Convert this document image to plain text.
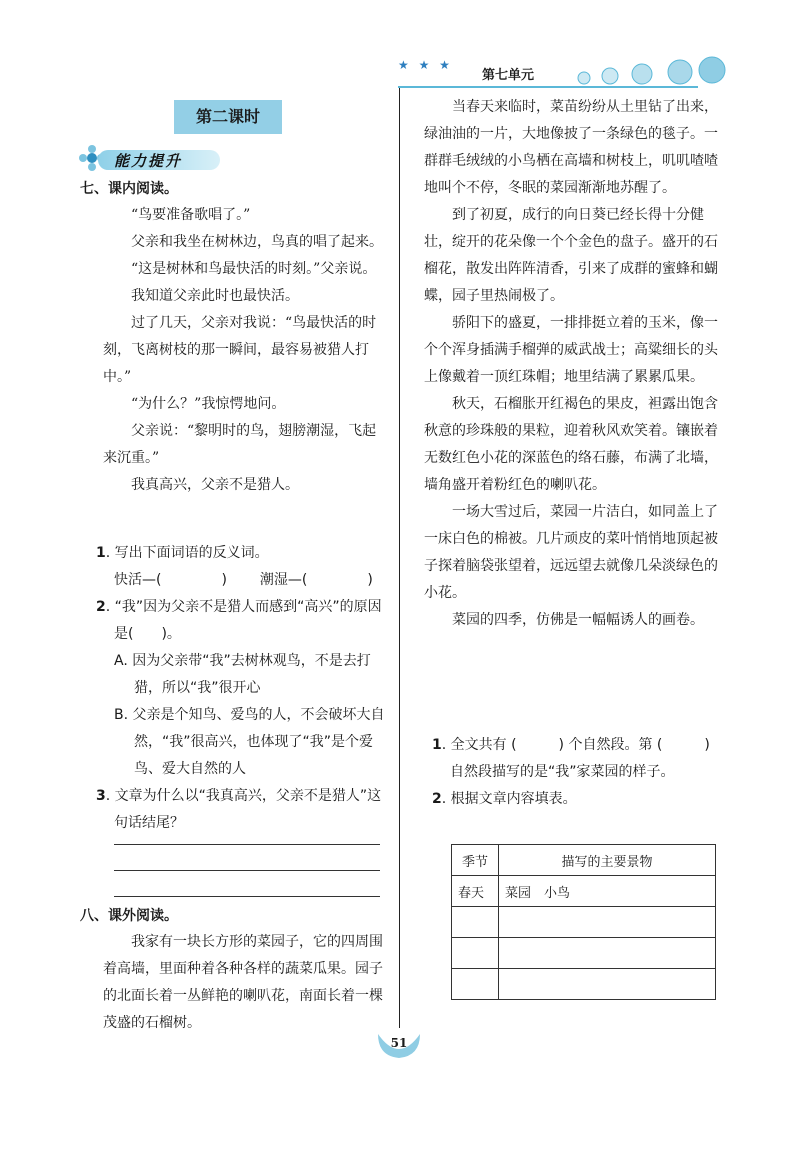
★ ★ ★
第七单元
第二课时
能力提升
七、课内阅读。

“鸟要准备歌唱了。”

父亲和我坐在树林边，鸟真的唱了起来。

“这是树林和鸟最快活的时刻。”父亲说。

我知道父亲此时也最快活。

过了几天，父亲对我说：“鸟最快活的时刻，飞离树枝的那一瞬间，最容易被猎人打中。”

“为什么？”我惊愕地问。

父亲说：“黎明时的鸟，翅膀潮湿，飞起来沉重。”

我真高兴，父亲不是猎人。

1. 写出下面词语的反义词。

快活—(	) 潮湿—(	)

2. “我”因为父亲不是猎人而感到“高兴”的原因是(　　)。

A. 因为父亲带“我”去树林观鸟，不是去打猎，所以“我”很开心

B. 父亲是个知鸟、爱鸟的人，不会破坏大自然，“我”很高兴，也体现了“我”是个爱鸟、爱大自然的人

3. 文章为什么以“我真高兴，父亲不是猎人”这句话结尾？

八、课外阅读。

我家有一块长方形的菜园子，它的四周围着高墙，里面种着各种各样的蔬菜瓜果。园子的北面长着一丛鲜艳的喇叭花，南面长着一棵茂盛的石榴树。

当春天来临时，菜苗纷纷从土里钻了出来，绿油油的一片，大地像披了一条绿色的毯子。一群群毛绒绒的小鸟栖在高墙和树枝上，叽叽喳喳地叫个不停，冬眠的菜园渐渐地苏醒了。

到了初夏，成行的向日葵已经长得十分健壮，绽开的花朵像一个个金色的盘子。盛开的石榴花，散发出阵阵清香，引来了成群的蜜蜂和蝴蝶，园子里热闹极了。

骄阳下的盛夏，一排排挺立着的玉米，像一个个浑身插满手榴弹的威武战士；高粱细长的头上像戴着一顶红珠帽；地里结满了累累瓜果。

秋天，石榴胀开红褐色的果皮，袒露出饱含秋意的珍珠般的果粒，迎着秋风欢笑着。镶嵌着无数红色小花的深蓝色的络石藤，布满了北墙，墙角盛开着粉红色的喇叭花。

一场大雪过后，菜园一片洁白，如同盖上了一床白色的棉被。几片顽皮的菜叶悄悄地顶起被子探着脑袋张望着，远远望去就像几朵淡绿色的小花。

菜园的四季，仿佛是一幅幅诱人的画卷。

1. 全文共有 (　　　) 个自然段。第 (　　　) 自然段描写的是“我”家菜园的样子。

2. 根据文章内容填表。

季节	描写的主要景物
春天	菜园　小鸟

51
